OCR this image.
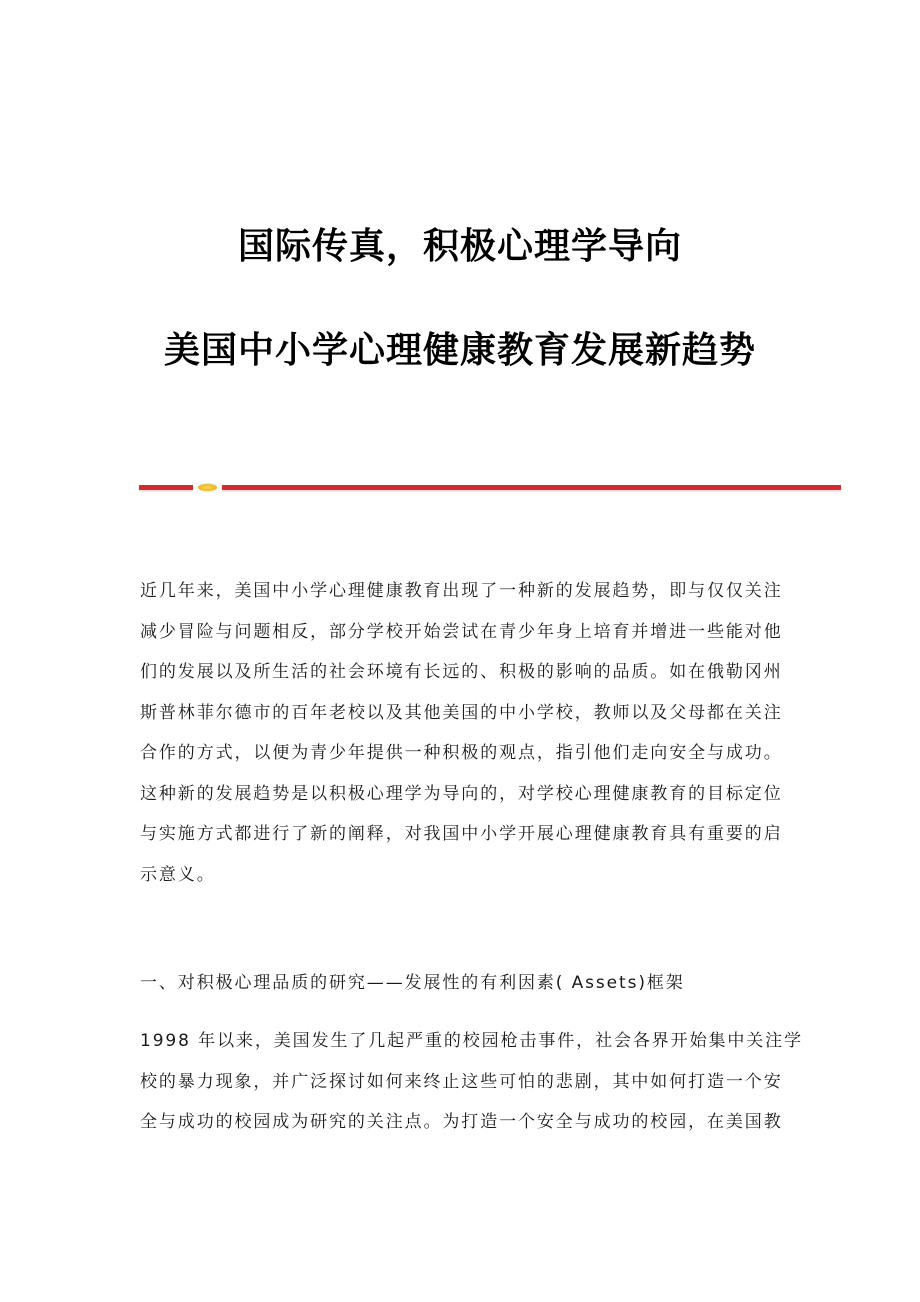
国际传真，积极心理学导向
美国中小学心理健康教育发展新趋势
近几年来，美国中小学心理健康教育出现了一种新的发展趋势，即与仅仅关注
减少冒险与问题相反，部分学校开始尝试在青少年身上培育并增进一些能对他
们的发展以及所生活的社会环境有长远的、积极的影响的品质。如在俄勒冈州
斯普林菲尔德市的百年老校以及其他美国的中小学校，教师以及父母都在关注
合作的方式，以便为青少年提供一种积极的观点，指引他们走向安全与成功。
这种新的发展趋势是以积极心理学为导向的，对学校心理健康教育的目标定位
与实施方式都进行了新的阐释，对我国中小学开展心理健康教育具有重要的启
示意义。
一、对积极心理品质的研究——发展性的有利因素( Assets)框架
1998 年以来，美国发生了几起严重的校园枪击事件，社会各界开始集中关注学
校的暴力现象，并广泛探讨如何来终止这些可怕的悲剧，其中如何打造一个安
全与成功的校园成为研究的关注点。为打造一个安全与成功的校园，在美国教
